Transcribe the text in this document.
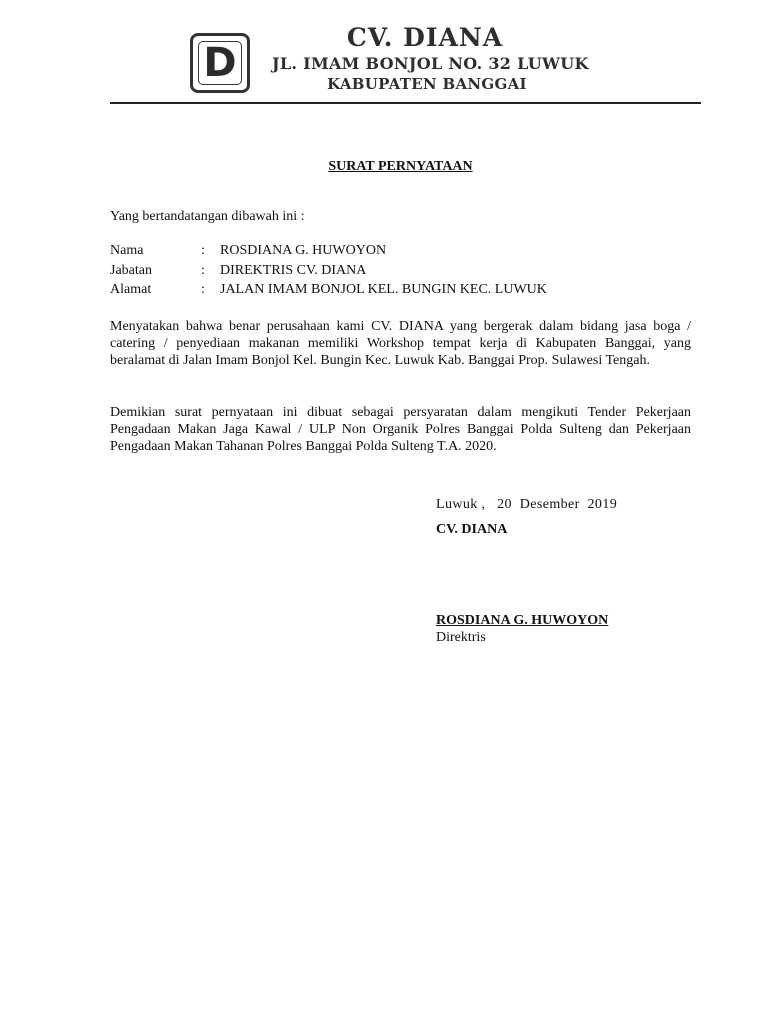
D
CV. DIANA
JL. IMAM BONJOL NO. 32 LUWUK
KABUPATEN BANGGAI
SURAT PERNYATAAN
Yang bertandatangan dibawah ini :
Nama	: ROSDIANA G. HUWOYON
Jabatan	: DIREKTRIS CV. DIANA
Alamat	: JALAN IMAM BONJOL KEL. BUNGIN KEC. LUWUK
Menyatakan bahwa benar perusahaan kami CV. DIANA yang bergerak dalam bidang jasa boga / catering / penyediaan makanan memiliki Workshop tempat kerja di Kabupaten Banggai, yang beralamat di Jalan Imam Bonjol Kel. Bungin Kec. Luwuk Kab. Banggai Prop. Sulawesi Tengah.
Demikian surat pernyataan ini dibuat sebagai persyaratan dalam mengikuti Tender Pekerjaan Pengadaan Makan Jaga Kawal / ULP Non Organik Polres Banggai Polda Sulteng dan Pekerjaan Pengadaan Makan Tahanan Polres Banggai Polda Sulteng T.A. 2020.
Luwuk ,   20  Desember  2019
CV. DIANA
ROSDIANA G. HUWOYON
Direktris
